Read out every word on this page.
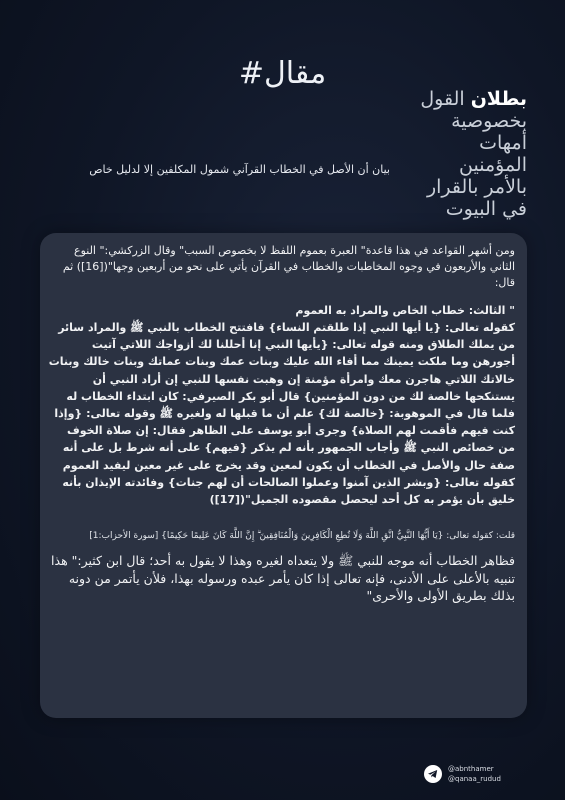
#مقال
بطلان القول
بخصوصية
أمهات
المؤمنين
بالأمر بالقرار
في البيوت
بيان أن الأصل في الخطاب القرآني شمول المكلفين إلا لدليل خاص

ومن أشهر القواعد في هذا قاعدة" العبرة بعموم اللفظ لا بخصوص السبب" وقال الزركشي:" النوع الثاني والأربعون في وجوه المخاطبات والخطاب في القرآن يأتي على نحو من أربعين وجها"([16]) ثم قال:

" الثالث: خطاب الخاص والمراد به العموم

كقوله تعالى: {يا أيها النبي إذا طلقتم النساء} فافتتح الخطاب بالنبي ﷺ والمراد سائر من يملك الطلاق ومنه قوله تعالى: {يأيها النبي إنا أحللنا لك أزواجك اللاتي آتيت أجورهن وما ملكت يمينك مما أفاء الله عليك وبنات عمك وبنات عماتك وبنات خالك وبنات خالاتك اللاتي هاجرن معك وامرأة مؤمنة إن وهبت نفسها للنبي إن أراد النبي أن يستنكحها خالصة لك من دون المؤمنين} قال أبو بكر الصيرفي: كان ابتداء الخطاب له فلما قال في الموهوبة: {خالصة لك} علم أن ما قبلها له ولغيره ﷺ وقوله تعالى: {وإذا كنت فيهم فأقمت لهم الصلاة} وجرى أبو يوسف على الظاهر فقال: إن صلاة الخوف من خصائص النبي ﷺ وأجاب الجمهور بأنه لم يذكر {فيهم} على أنه شرط بل على أنه صفة حال والأصل في الخطاب أن يكون لمعين وقد يخرج على غير معين ليفيد العموم كقوله تعالى: {وبشر الذين آمنوا وعملوا الصالحات أن لهم جنات} وفائدته الإيذان بأنه خليق بأن يؤمر به كل أحد ليحصل مقصوده الجميل"([17])

قلت: كقوله تعالى: {يَا أَيُّهَا النَّبِيُّ اتَّقِ اللَّهَ وَلَا تُطِعِ الْكَافِرِينَ وَالْمُنَافِقِينَ ۗ إِنَّ اللَّهَ كَانَ عَلِيمًا حَكِيمًا} [سورة الأحزاب:1]

فظاهر الخطاب أنه موجه للنبي ﷺ ولا يتعداه لغيره وهذا لا يقول به أحد؛ قال ابن كثير:" هذا تنبيه بالأعلى على الأدنى، فإنه تعالى إذا كان يأمر عبده ورسوله بهذا، فلأن يأتمر من دونه بذلك بطريق الأولى والأحرى"

@abnthamer
@qanaa_rudud
